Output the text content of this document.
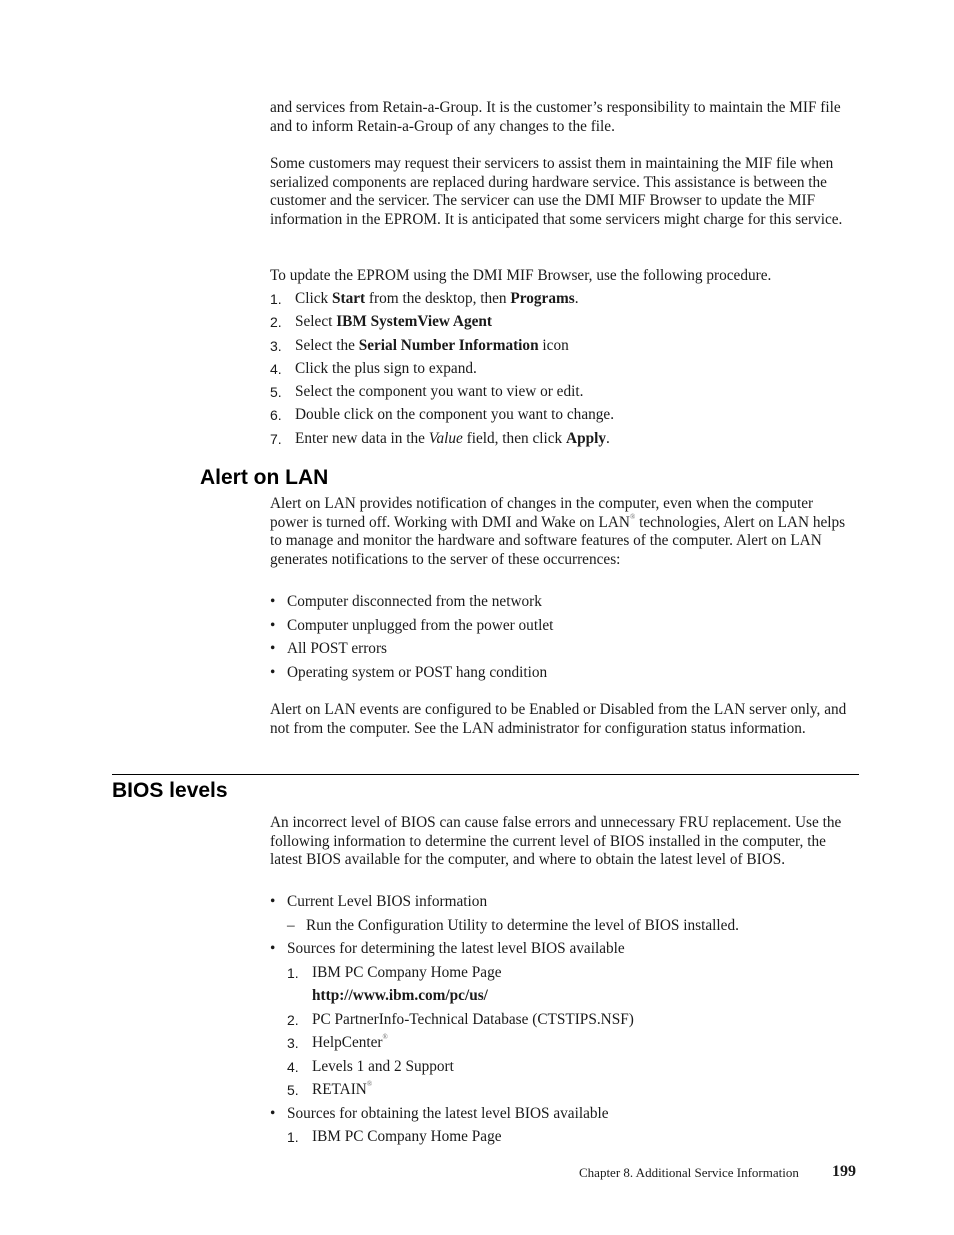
and services from Retain-a-Group. It is the customer’s responsibility to maintain the MIF file and to inform Retain-a-Group of any changes to the file.

Some customers may request their servicers to assist them in maintaining the MIF file when serialized components are replaced during hardware service. This assistance is between the customer and the servicer. The servicer can use the DMI MIF Browser to update the MIF information in the EPROM. It is anticipated that some servicers might charge for this service.

To update the EPROM using the DMI MIF Browser, use the following procedure.

1. Click Start from the desktop, then Programs.
2. Select IBM SystemView Agent
3. Select the Serial Number Information icon
4. Click the plus sign to expand.
5. Select the component you want to view or edit.
6. Double click on the component you want to change.
7. Enter new data in the Value field, then click Apply.
Alert on LAN

Alert on LAN provides notification of changes in the computer, even when the computer power is turned off. Working with DMI and Wake on LAN® technologies, Alert on LAN helps to manage and monitor the hardware and software features of the computer. Alert on LAN generates notifications to the server of these occurrences:

• Computer disconnected from the network
• Computer unplugged from the power outlet
• All POST errors
• Operating system or POST hang condition

Alert on LAN events are configured to be Enabled or Disabled from the LAN server only, and not from the computer. See the LAN administrator for configuration status information.

BIOS levels

An incorrect level of BIOS can cause false errors and unnecessary FRU replacement. Use the following information to determine the current level of BIOS installed in the computer, the latest BIOS available for the computer, and where to obtain the latest level of BIOS.

• Current Level BIOS information
– Run the Configuration Utility to determine the level of BIOS installed.
• Sources for determining the latest level BIOS available
1. IBM PC Company Home Page
http://www.ibm.com/pc/us/
2. PC PartnerInfo-Technical Database (CTSTIPS.NSF)
3. HelpCenter®
4. Levels 1 and 2 Support
5. RETAIN®
• Sources for obtaining the latest level BIOS available
1. IBM PC Company Home Page
Chapter 8. Additional Service Information 199
